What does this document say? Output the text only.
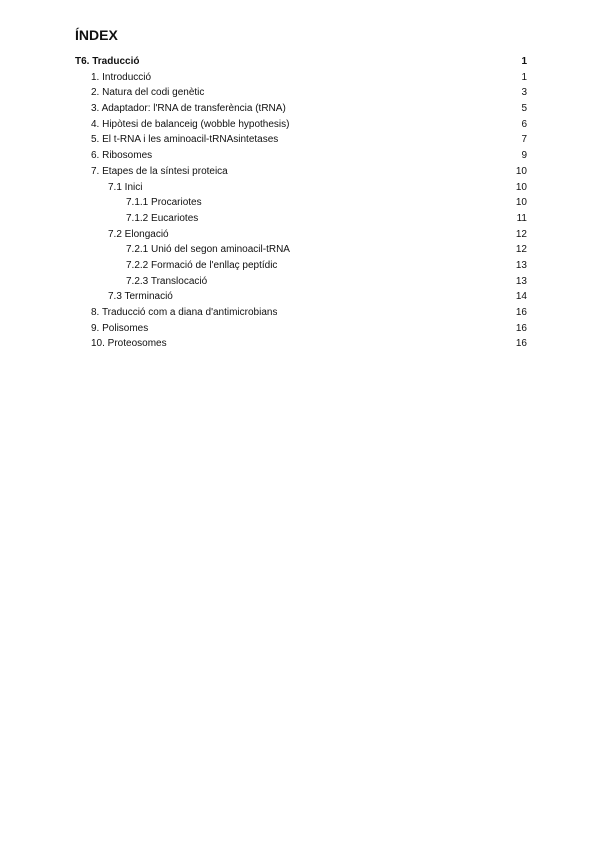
ÍNDEX
T6. Traducció	1
1. Introducció	1
2. Natura del codi genètic	3
3. Adaptador: l'RNA de transferència (tRNA)	5
4. Hipòtesi de balanceig (wobble hypothesis)	6
5. El t-RNA i les aminoacil-tRNAsintetases	7
6. Ribosomes	9
7. Etapes de la síntesi proteica	10
7.1 Inici	10
7.1.1 Procariotes	10
7.1.2 Eucariotes	11
7.2 Elongació	12
7.2.1 Unió del segon aminoacil-tRNA	12
7.2.2 Formació de l'enllaç peptídic	13
7.2.3 Translocació	13
7.3 Terminació	14
8. Traducció com a diana d'antimicrobians	16
9. Polisomes	16
10. Proteosomes	16
